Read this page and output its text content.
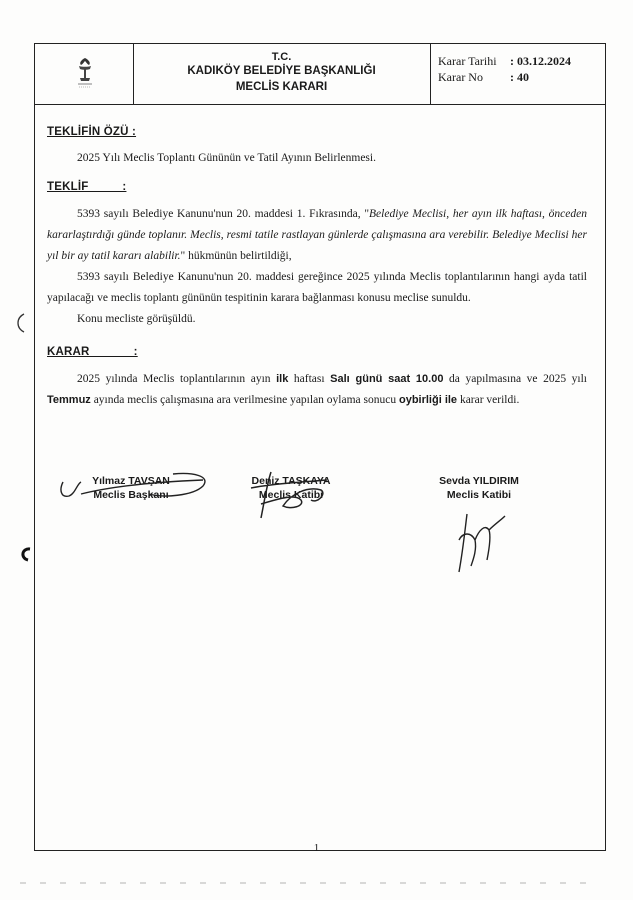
T.C.
KADIKÖY BELEDİYE BAŞKANLIĞI
MECLİS KARARI
Karar Tarihi : 03.12.2024
Karar No : 40
TEKLİFİN ÖZÜ :
2025 Yılı Meclis Toplantı Gününün ve Tatil Ayının Belirlenmesi.
TEKLİF          :
5393 sayılı Belediye Kanunu'nun 20. maddesi 1. Fıkrasında, "Belediye Meclisi, her ayın ilk haftası, önceden kararlaştırdığı günde toplanır. Meclis, resmi tatile rastlayan günlerde çalışmasına ara verebilir. Belediye Meclisi her yıl bir ay tatil kararı alabilir." hükmünün belirtildiği,
5393 sayılı Belediye Kanunu'nun 20. maddesi gereğince 2025 yılında Meclis toplantılarının hangi ayda tatil yapılacağı ve meclis toplantı gününün tespitinin karara bağlanması konusu meclise sunuldu.
Konu mecliste görüşüldü.
KARAR             :
2025 yılında Meclis toplantılarının ayın ilk haftası Salı günü saat 10.00 da yapılmasına ve 2025 yılı Temmuz ayında meclis çalışmasına ara verilmesine yapılan oylama sonucu oybirliği ile karar verildi.
Yılmaz TAVŞAN
Meclis Başkanı
Deniz TAŞKAYA
Meclis Katibi
Sevda YILDIRIM
Meclis Katibi
1
